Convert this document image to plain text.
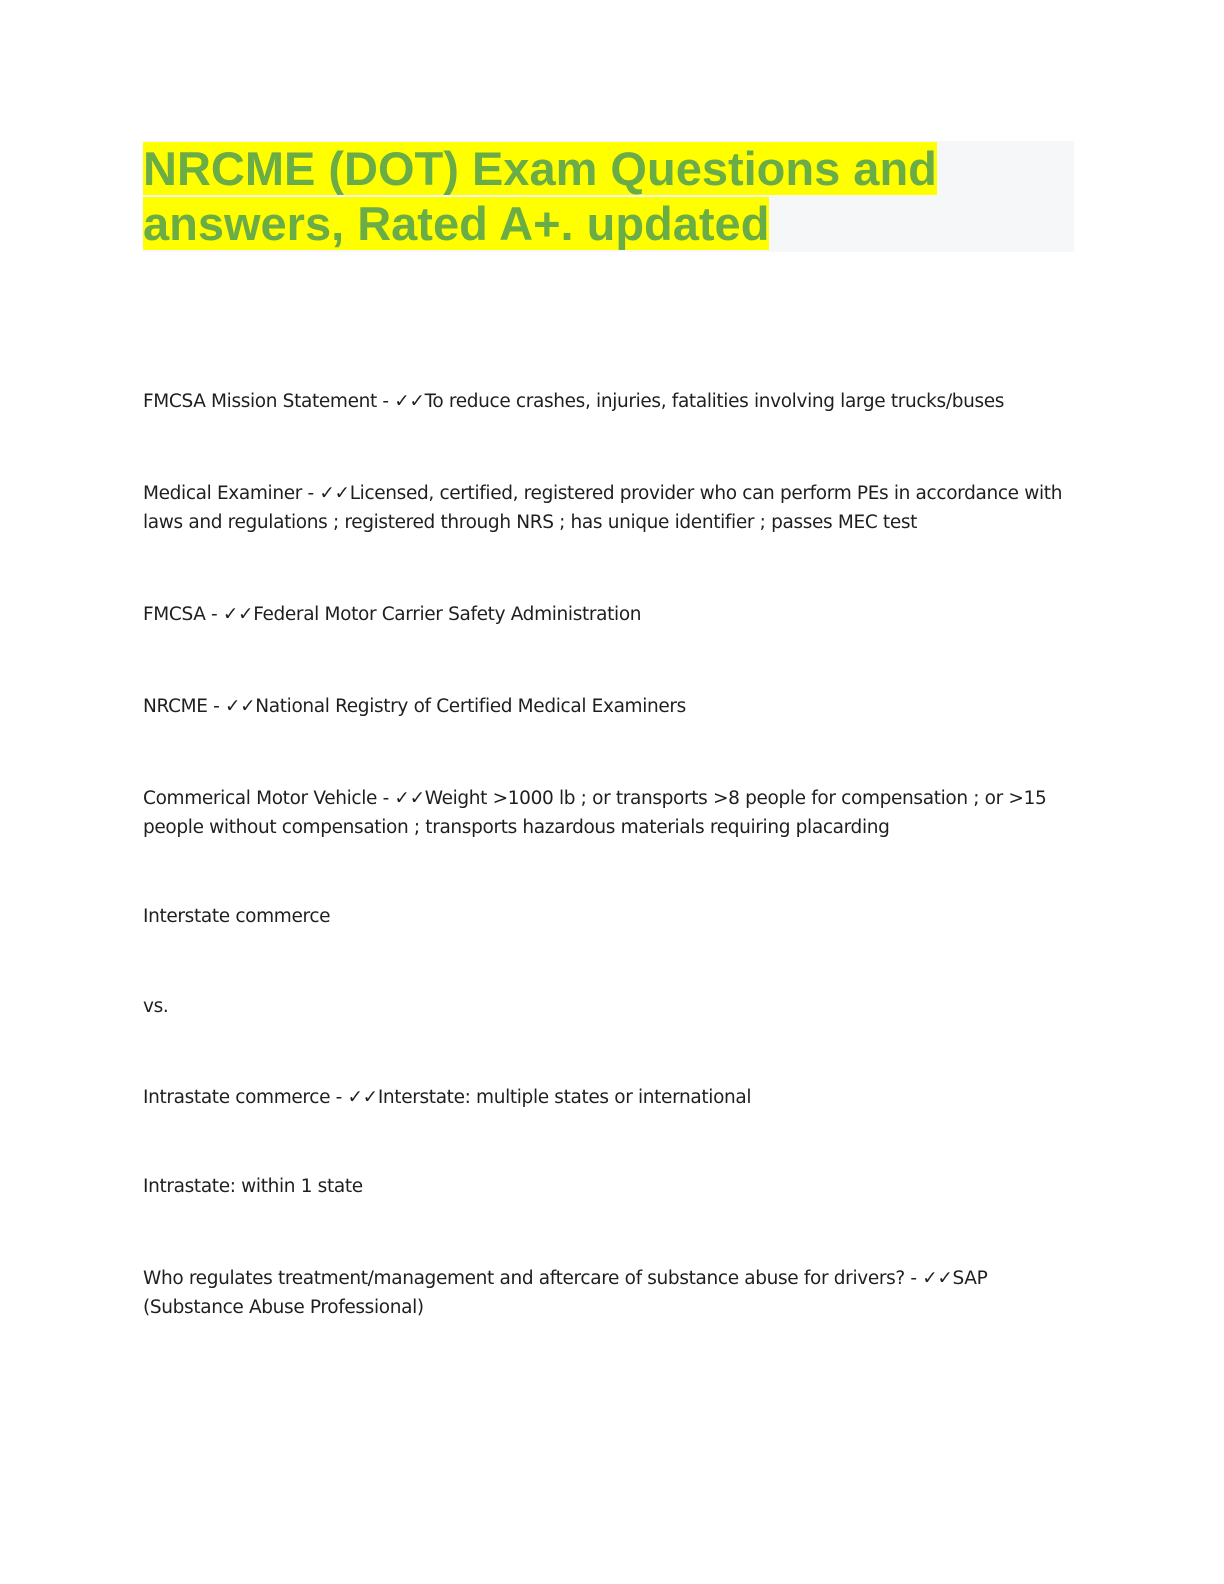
NRCME (DOT) Exam Questions and
answers, Rated A+. updated

FMCSA Mission Statement - ✓✓To reduce crashes, injuries, fatalities involving large trucks/buses

Medical Examiner - ✓✓Licensed, certified, registered provider who can perform PEs in accordance with laws and regulations ; registered through NRS ; has unique identifier ; passes MEC test

FMCSA - ✓✓Federal Motor Carrier Safety Administration

NRCME - ✓✓National Registry of Certified Medical Examiners

Commerical Motor Vehicle - ✓✓Weight >1000 lb ; or transports >8 people for compensation ; or >15 people without compensation ; transports hazardous materials requiring placarding

Interstate commerce

vs.

Intrastate commerce - ✓✓Interstate: multiple states or international

Intrastate: within 1 state

Who regulates treatment/management and aftercare of substance abuse for drivers? - ✓✓SAP (Substance Abuse Professional)
